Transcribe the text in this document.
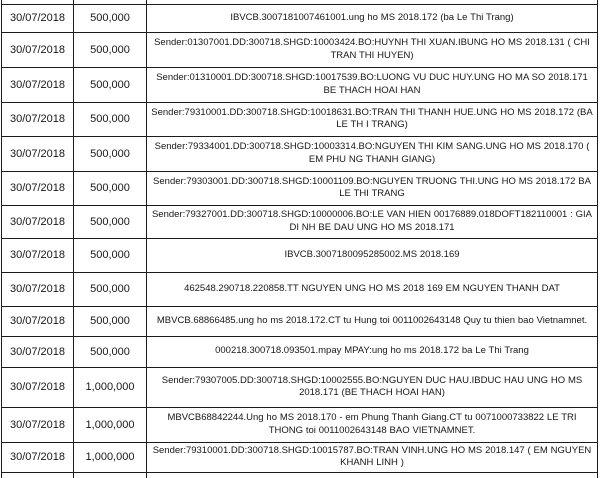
30/07/2018	500,000	IBVCB.3007181007461001.ung ho MS 2018.172 (ba Le Thi Trang)
30/07/2018	500,000	Sender:01307001.DD:300718.SHGD:10003424.BO:HUYNH THI XUAN.IBUNG HO MS 2018.131 ( CHI TRAN THI HUYEN)
30/07/2018	500,000	Sender:01310001.DD:300718.SHGD:10017539.BO:LUONG VU DUC HUY.UNG HO MA SO 2018.171 BE THACH HOAI HAN
30/07/2018	500,000	Sender:79310001.DD:300718.SHGD:10018631.BO:TRAN THI THANH HUE.UNG HO MS 2018.172 (BA LE TH I TRANG)
30/07/2018	500,000	Sender:79334001.DD:300718.SHGD:10003314.BO:NGUYEN THI KIM SANG.UNG HO MS 2018.170 ( EM PHU NG THANH GIANG)
30/07/2018	500,000	Sender:79303001.DD:300718.SHGD:10001109.BO:NGUYEN TRUONG THI.UNG HO MS 2018.172 BA LE THI TRANG
30/07/2018	500,000	Sender:79327001.DD:300718.SHGD:10000006.BO:LE VAN HIEN 00176889.018DOFT182110001 : GIA DI NH BE DAU UNG HO MS 2018.171
30/07/2018	500,000	IBVCB.3007180095285002.MS 2018.169
30/07/2018	500,000	462548.290718.220858.TT NGUYEN UNG HO MS 2018 169 EM NGUYEN THANH DAT
30/07/2018	500,000	MBVCB.68866485.ung ho ms 2018.172.CT tu Hung toi 0011002643148 Quy tu thien bao Vietnamnet.
30/07/2018	500,000	000218.300718.093501.mpay MPAY:ung ho ms 2018.172 ba Le Thi Trang
30/07/2018	1,000,000	Sender:79307005.DD:300718.SHGD:10002555.BO:NGUYEN DUC HAU.IBDUC HAU UNG HO MS 2018.171 (BE THACH HOAI HAN)
30/07/2018	1,000,000	MBVCB68842244.Ung ho MS 2018.170 - em Phung Thanh Giang.CT tu 0071000733822 LE TRI THONG toi 0011002643148 BAO VIETNAMNET.
30/07/2018	1,000,000	Sender:79310001.DD:300718.SHGD:10015787.BO:TRAN VINH.UNG HO MS 2018.147 ( EM NGUYEN KHANH LINH )
